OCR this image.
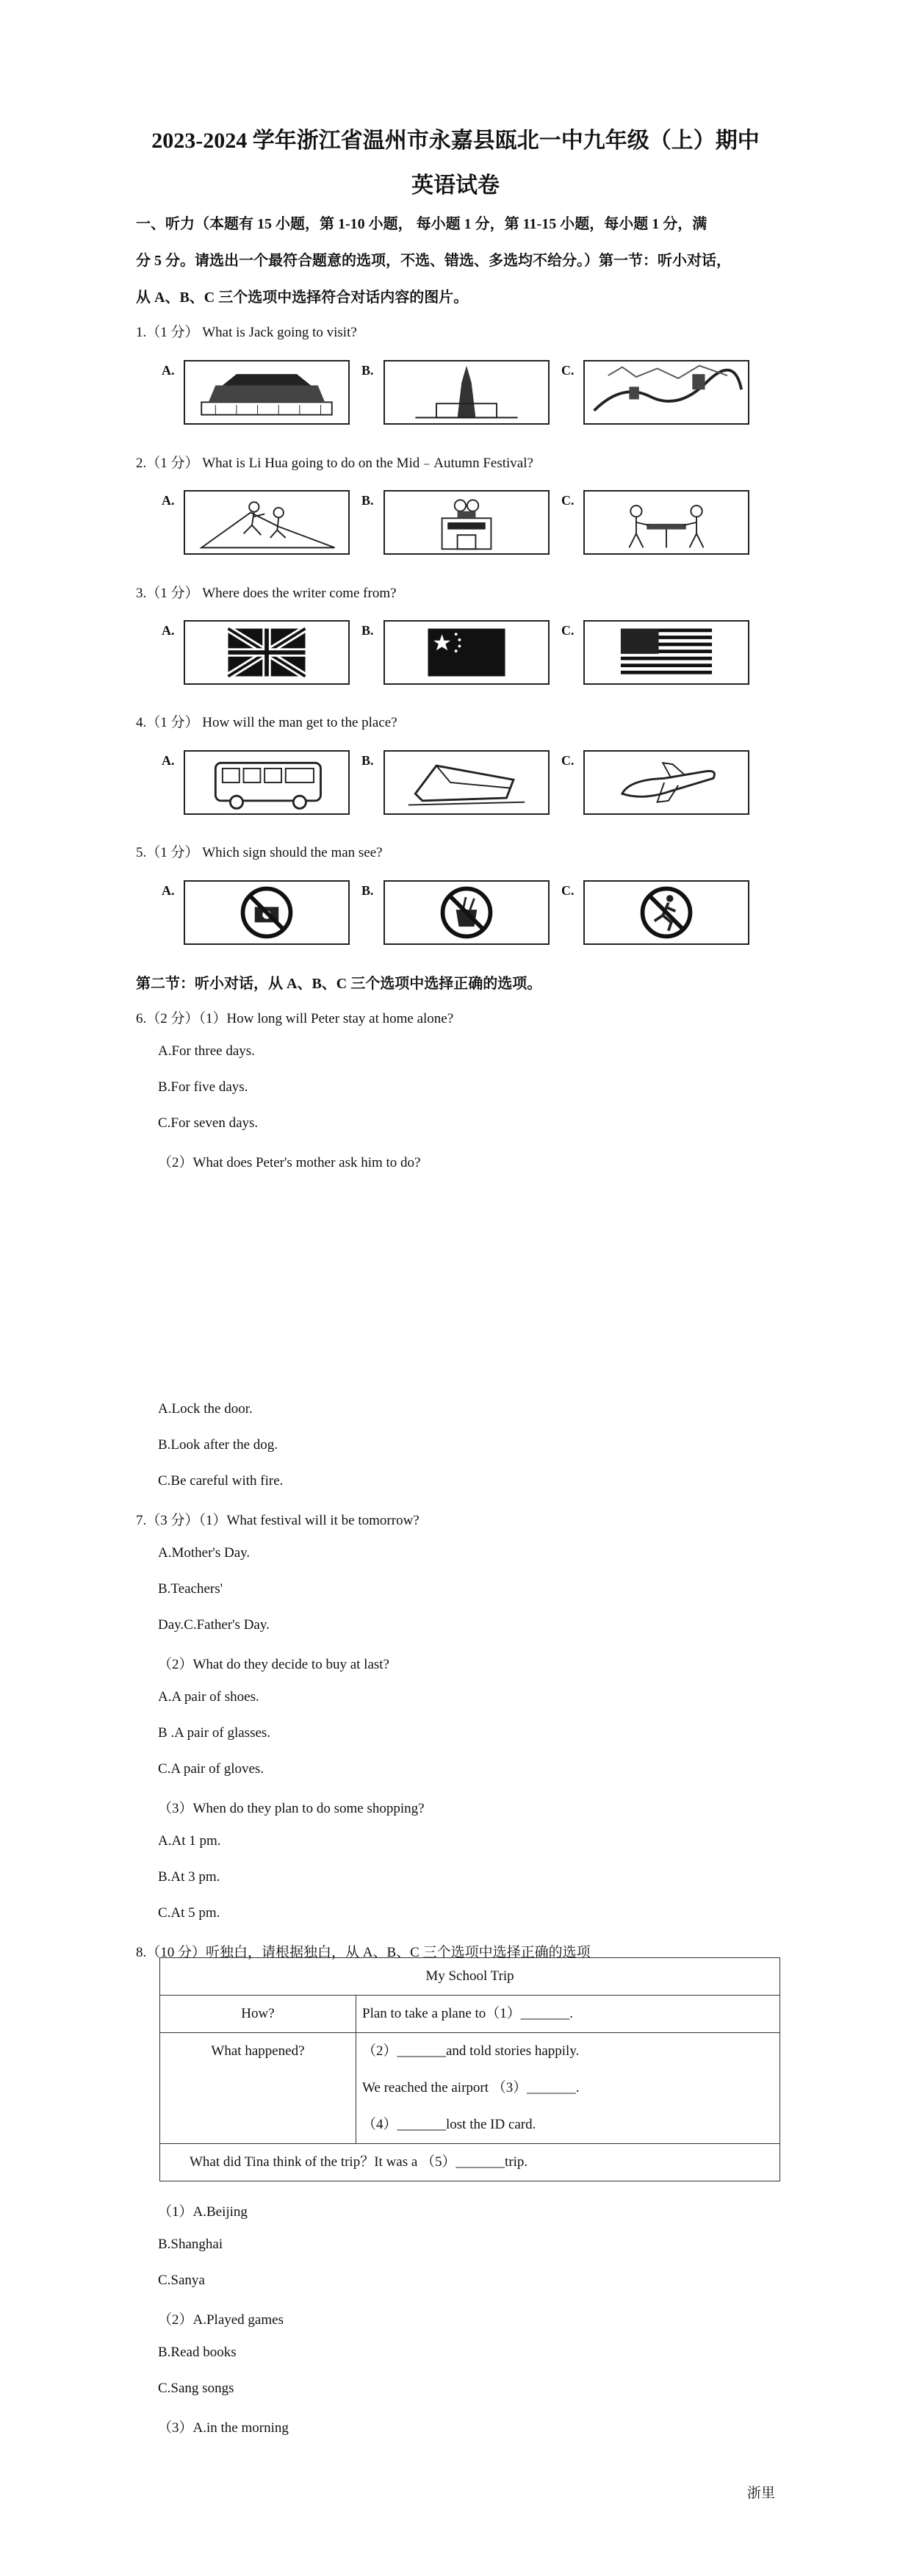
2023-2024 学年浙江省温州市永嘉县瓯北一中九年级（上）期中
英语试卷
一、听力（本题有 15 小题，第 1-10 小题， 每小题 1 分，第 11-15 小题，每小题 1 分，满
分 5 分。请选出一个最符合题意的选项，不选、错选、多选均不给分。）第一节：听小对话，
从 A、B、C 三个选项中选择符合对话内容的图片。
1.（1 分） What is Jack going to visit?
A.	B.	C.
2.（1 分） What is Li Hua going to do on the Mid﹣Autumn Festival?
A.	B.	C.
3.（1 分） Where does the writer come from?
A.	B.	C.
4.（1 分） How will the man get to the place?
A.	B.	C.
5.（1 分） Which sign should the man see?
A.	B.	C.
第二节：听小对话，从 A、B、C 三个选项中选择正确的选项。
6.（2 分）（1）How long will Peter stay at home alone?
A.For three days.
B.For five days.
C.For seven days.
（2）What does Peter's mother ask him to do?
A.Lock the door.
B.Look after the dog.
C.Be careful with fire.
7.（3 分）（1）What festival will it be tomorrow?
A.Mother's Day.
B.Teachers'
Day.C.Father's Day.
（2）What do they decide to buy at last?
A.A pair of shoes.
B .A pair of glasses.
C.A pair of gloves.
（3）When do they plan to do some shopping?
A.At 1 pm.
B.At 3 pm.
C.At 5 pm.
8.（10 分）听独白，请根据独白，从 A、B、C 三个选项中选择正确的选项
My School Trip	

How?	Plan to take a plane to（1）_______.

What happened?	（2）_______and told stories happily.
We reached the airport （3）_______.
（4）_______lost the ID card.

What did Tina think of the trip？It was a （5）_______trip.	
（1）A.Beijing
B.Shanghai
C.Sanya
（2）A.Played games
B.Read books
C.Sang songs
（3）A.in the morning
浙里
